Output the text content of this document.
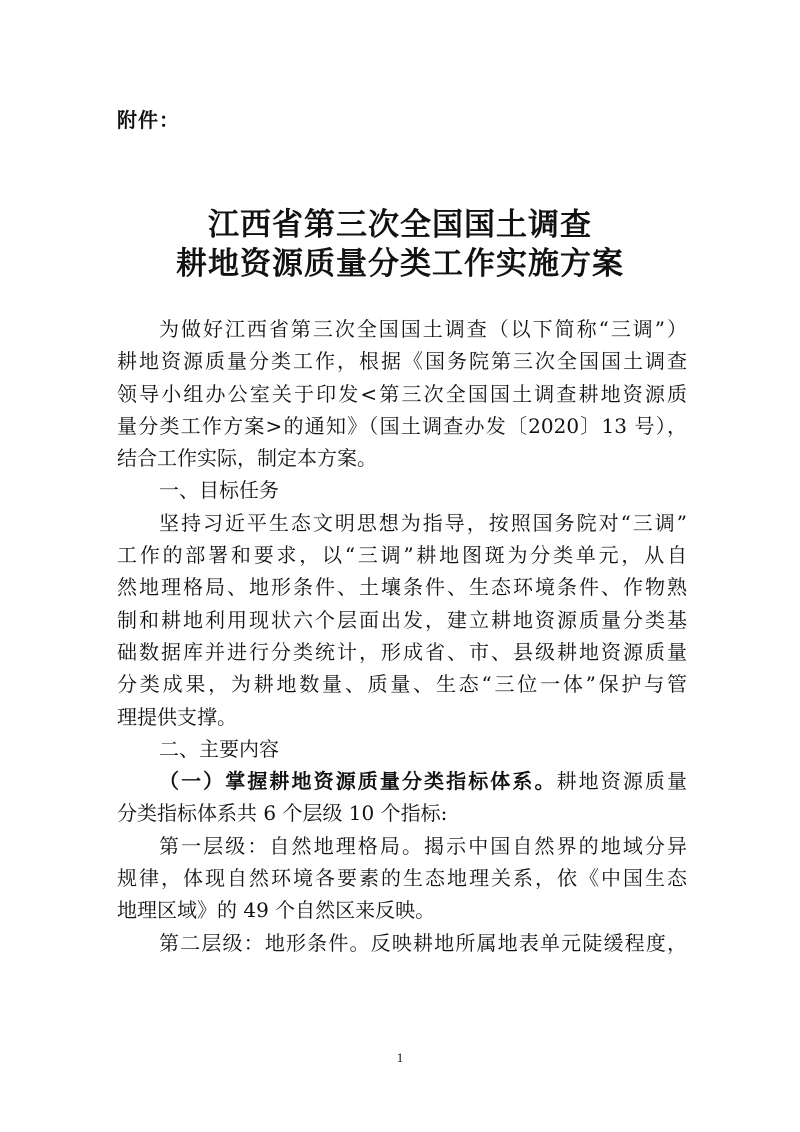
附件：
江西省第三次全国国土调查
耕地资源质量分类工作实施方案
为做好江西省第三次全国国土调查（以下简称“三调”）
耕地资源质量分类工作，根据《国务院第三次全国国土调查
领导小组办公室关于印发<第三次全国国土调查耕地资源质
量分类工作方案>的通知》（国土调查办发〔2020〕13 号），
结合工作实际，制定本方案。
一、目标任务
坚持习近平生态文明思想为指导，按照国务院对“三调”
工作的部署和要求，以“三调”耕地图斑为分类单元，从自
然地理格局、地形条件、土壤条件、生态环境条件、作物熟
制和耕地利用现状六个层面出发，建立耕地资源质量分类基
础数据库并进行分类统计，形成省、市、县级耕地资源质量
分类成果，为耕地数量、质量、生态“三位一体”保护与管
理提供支撑。
二、主要内容
（一）掌握耕地资源质量分类指标体系。耕地资源质量
分类指标体系共 6 个层级 10 个指标:
第一层级：自然地理格局。揭示中国自然界的地域分异
规律，体现自然环境各要素的生态地理关系，依《中国生态
地理区域》的 49 个自然区来反映。
第二层级：地形条件。反映耕地所属地表单元陡缓程度，
1
